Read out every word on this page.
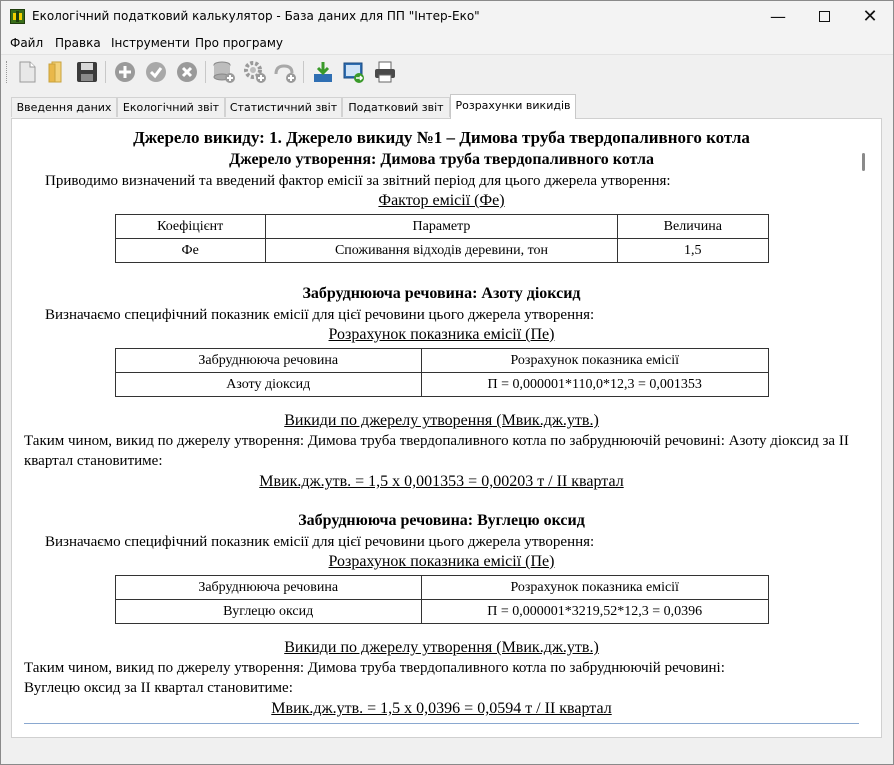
Екологічний податковий калькулятор - База даних для ПП "Інтер-Еко"	—	✕
Файл Правка Інструменти Про програму
Введення даних	Екологічний звіт Статистичний звіт	Податковий звіт	Розрахунки викидів
Джерело викиду: 1. Джерело викиду №1 – Димова труба твердопаливного котла
Джерело утворення: Димова труба твердопаливного котла
Приводимо визначений та введений фактор емісії за звітний період для цього джерела утворення:
Фактор емісії (Фе)
Коефіцієнт	Параметр	Величина
Фе	Споживання відходів деревини, тон	1,5
Забруднююча речовина: Азоту діоксид
Визначаємо специфічний показник емісії для цієї речовини цього джерела утворення:
Розрахунок показника емісії (Пе)
Забруднююча речовина	Розрахунок показника емісії
Азоту діоксид	П = 0,000001*110,0*12,3 = 0,001353
Викиди по джерелу утворення (Мвик.дж.утв.)
Таким чином, викид по джерелу утворення: Димова труба твердопаливного котла по забруднюючій речовині: Азоту діоксид за ІІ квартал становитиме:
Мвик.дж.утв. = 1,5 х 0,001353 = 0,00203 т / ІІ квартал
Забруднююча речовина: Вуглецю оксид
Визначаємо специфічний показник емісії для цієї речовини цього джерела утворення:
Розрахунок показника емісії (Пе)
Забруднююча речовина	Розрахунок показника емісії
Вуглецю оксид	П = 0,000001*3219,52*12,3 = 0,0396
Викиди по джерелу утворення (Мвик.дж.утв.)
Таким чином, викид по джерелу утворення: Димова труба твердопаливного котла по забруднюючій речовині:
Вуглецю оксид за ІІ квартал становитиме:
Мвик.дж.утв. = 1,5 х 0,0396 = 0,0594 т / ІІ квартал
